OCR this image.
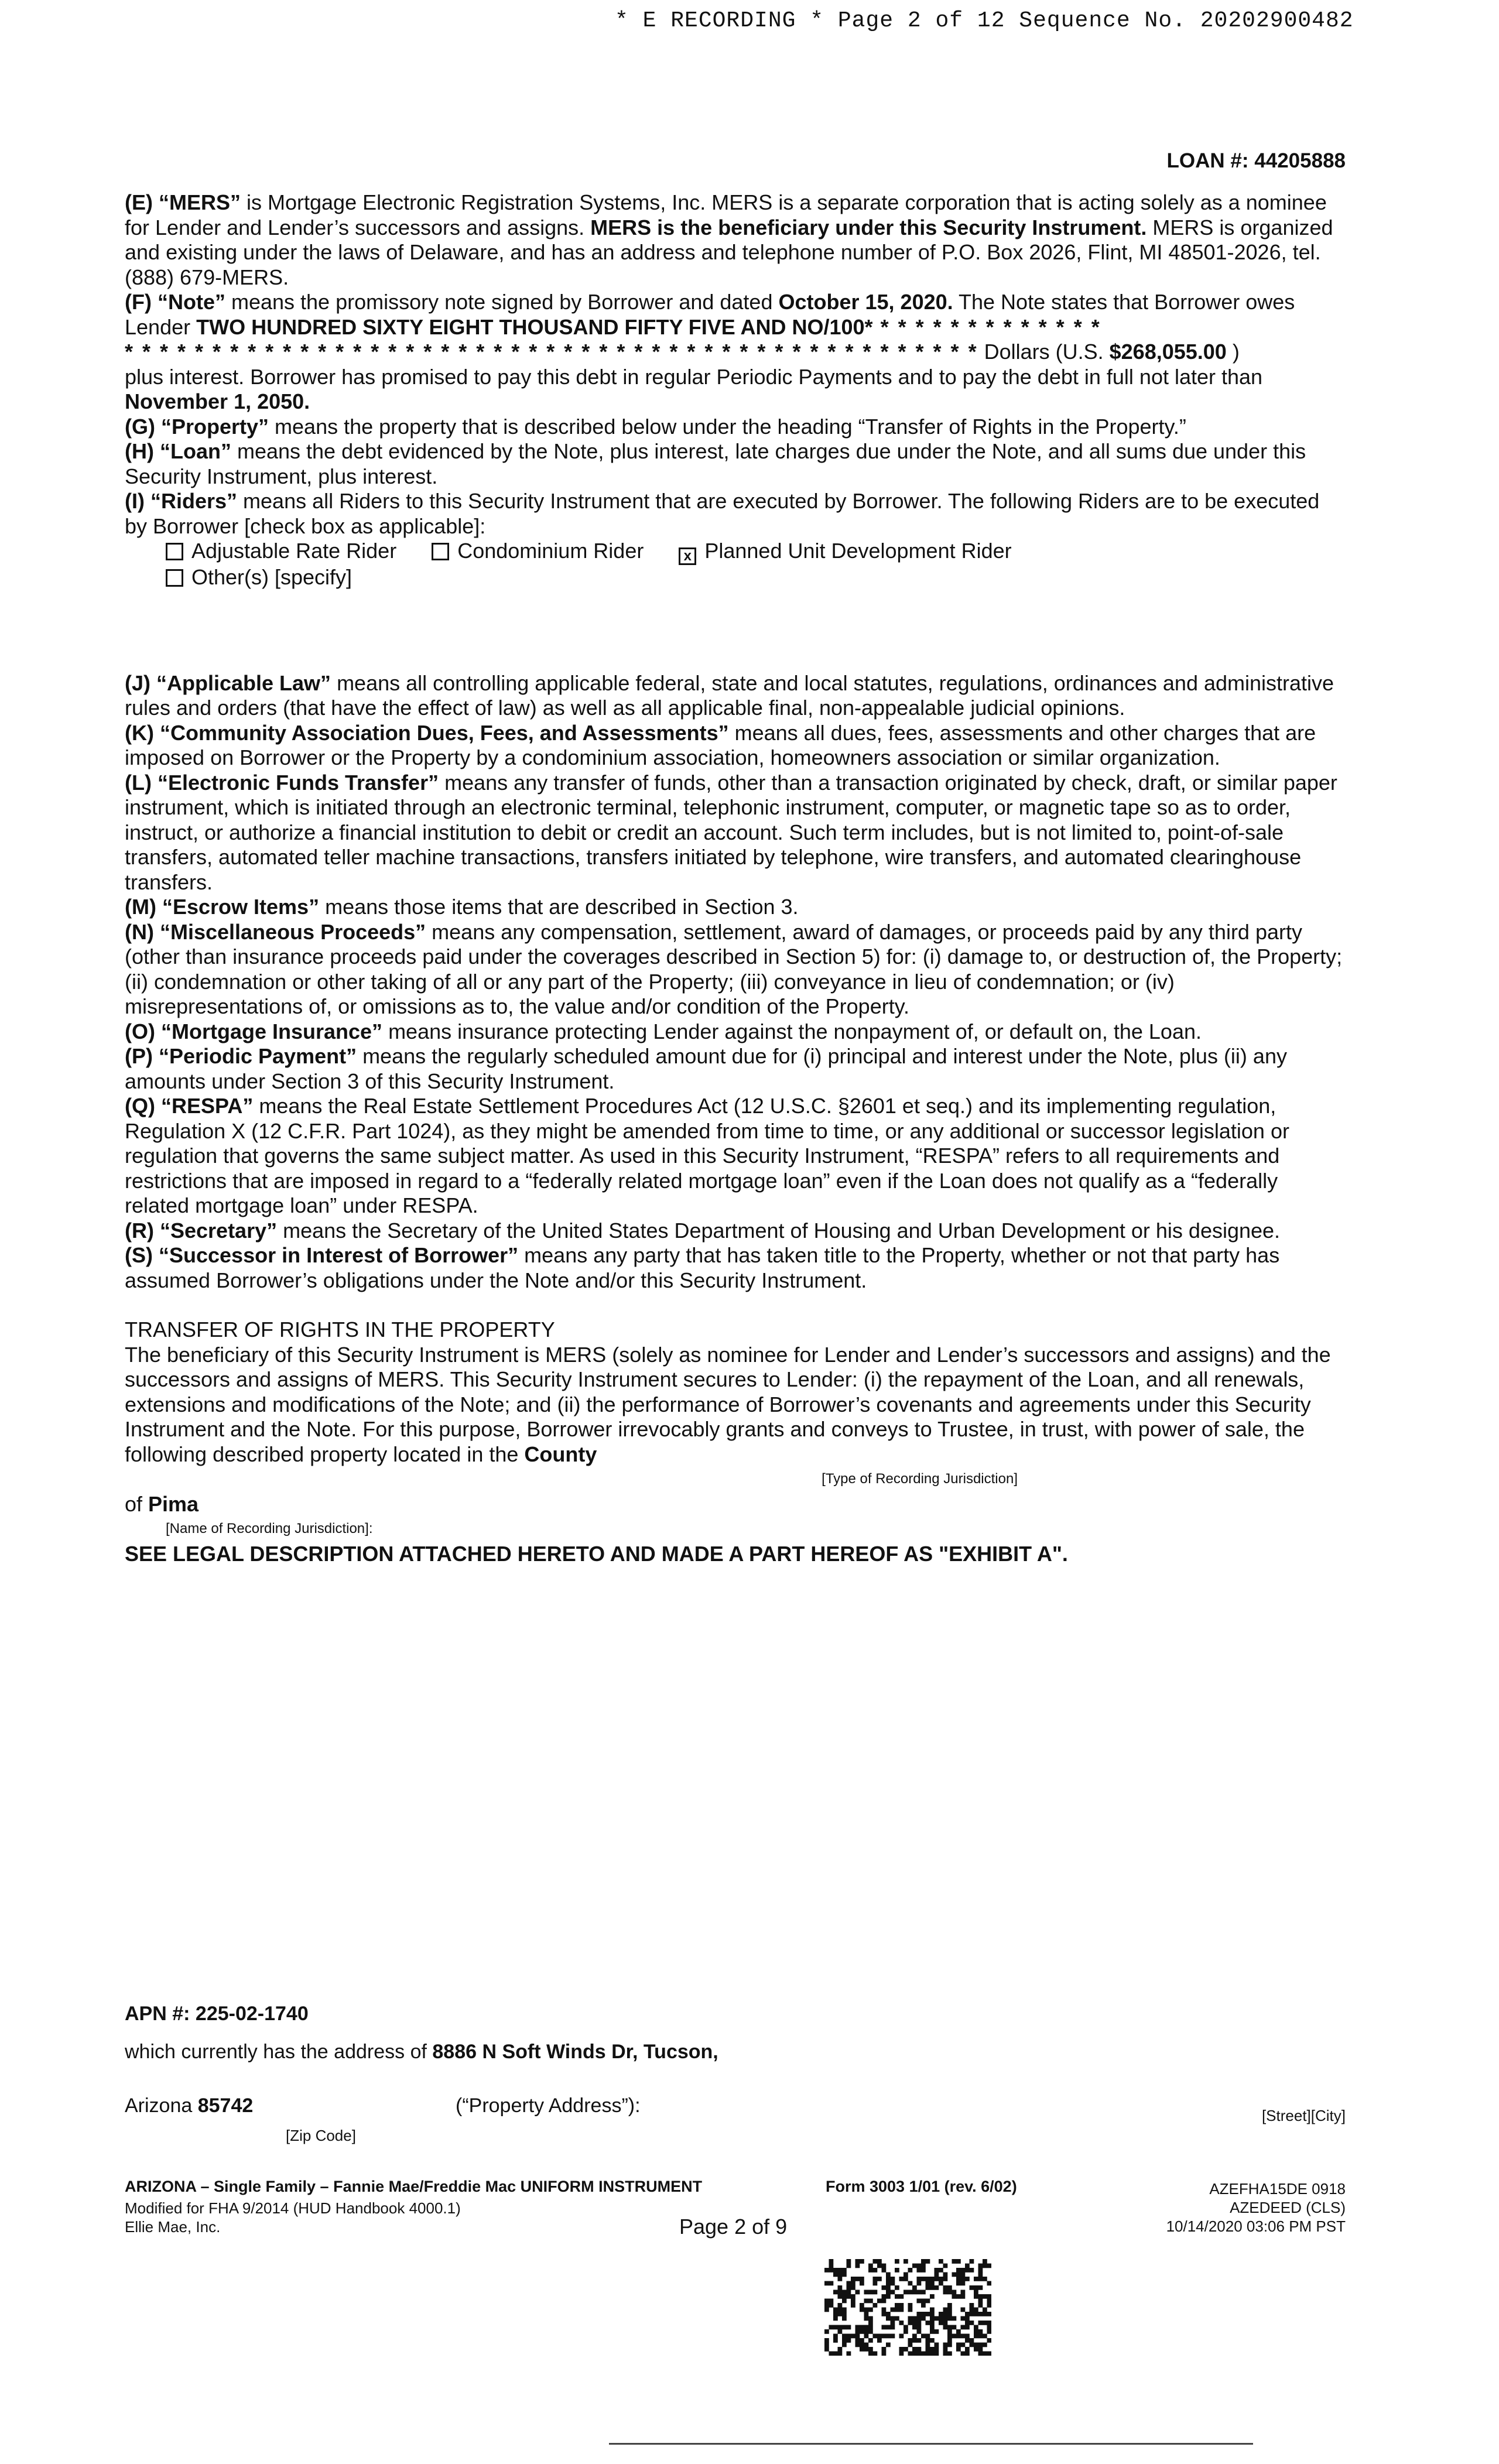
* E RECORDING * Page 2 of 12 Sequence No. 20202900482
LOAN #: 44205888

(E) “MERS” is Mortgage Electronic Registration Systems, Inc. MERS is a separate corporation that is acting solely as a nominee for Lender and Lender’s successors and assigns. MERS is the beneficiary under this Security Instrument. MERS is organized and existing under the laws of Delaware, and has an address and telephone number of P.O. Box 2026, Flint, MI 48501-2026, tel. (888) 679-MERS.

(F) “Note” means the promissory note signed by Borrower and dated October 15, 2020. The Note states that Borrower owes Lender TWO HUNDRED SIXTY EIGHT THOUSAND FIFTY FIVE AND NO/100* * * * * * * * * * * * * *

* * * * * * * * * * * * * * * * * * * * * * * * * * * * * * * * * * * * * * * * * * * * * * * * * Dollars (U.S. $268,055.00 )

plus interest. Borrower has promised to pay this debt in regular Periodic Payments and to pay the debt in full not later than November 1, 2050.

(G) “Property” means the property that is described below under the heading “Transfer of Rights in the Property.”

(H) “Loan” means the debt evidenced by the Note, plus interest, late charges due under the Note, and all sums due under this Security Instrument, plus interest.

(I) “Riders” means all Riders to this Security Instrument that are executed by Borrower. The following Riders are to be executed by Borrower [check box as applicable]:

Adjustable Rate Rider	Condominium Rider	x Planned Unit Development Rider

Other(s) [specify]

(J) “Applicable Law” means all controlling applicable federal, state and local statutes, regulations, ordinances and administrative rules and orders (that have the effect of law) as well as all applicable final, non-appealable judicial opinions.

(K) “Community Association Dues, Fees, and Assessments” means all dues, fees, assessments and other charges that are imposed on Borrower or the Property by a condominium association, homeowners association or similar organization.

(L) “Electronic Funds Transfer” means any transfer of funds, other than a transaction originated by check, draft, or similar paper instrument, which is initiated through an electronic terminal, telephonic instrument, computer, or magnetic tape so as to order, instruct, or authorize a financial institution to debit or credit an account. Such term includes, but is not limited to, point-of-sale transfers, automated teller machine transactions, transfers initiated by telephone, wire transfers, and automated clearinghouse transfers.

(M) “Escrow Items” means those items that are described in Section 3.

(N) “Miscellaneous Proceeds” means any compensation, settlement, award of damages, or proceeds paid by any third party (other than insurance proceeds paid under the coverages described in Section 5) for: (i) damage to, or destruction of, the Property; (ii) condemnation or other taking of all or any part of the Property; (iii) conveyance in lieu of condemnation; or (iv) misrepresentations of, or omissions as to, the value and/or condition of the Property.

(O) “Mortgage Insurance” means insurance protecting Lender against the nonpayment of, or default on, the Loan.

(P) “Periodic Payment” means the regularly scheduled amount due for (i) principal and interest under the Note, plus (ii) any amounts under Section 3 of this Security Instrument.

(Q) “RESPA” means the Real Estate Settlement Procedures Act (12 U.S.C. §2601 et seq.) and its implementing regulation, Regulation X (12 C.F.R. Part 1024), as they might be amended from time to time, or any additional or successor legislation or regulation that governs the same subject matter. As used in this Security Instrument, “RESPA” refers to all requirements and restrictions that are imposed in regard to a “federally related mortgage loan” even if the Loan does not qualify as a “federally related mortgage loan” under RESPA.

(R) “Secretary” means the Secretary of the United States Department of Housing and Urban Development or his designee.

(S) “Successor in Interest of Borrower” means any party that has taken title to the Property, whether or not that party has assumed Borrower’s obligations under the Note and/or this Security Instrument.

TRANSFER OF RIGHTS IN THE PROPERTY

The beneficiary of this Security Instrument is MERS (solely as nominee for Lender and Lender’s successors and assigns) and the successors and assigns of MERS. This Security Instrument secures to Lender: (i) the repayment of the Loan, and all renewals, extensions and modifications of the Note; and (ii) the performance of Borrower’s covenants and agreements under this Security Instrument and the Note. For this purpose, Borrower irrevocably grants and conveys to Trustee, in trust, with power of sale, the following described property located in the County

[Type of Recording Jurisdiction]

of Pima

[Name of Recording Jurisdiction]:

SEE LEGAL DESCRIPTION ATTACHED HERETO AND MADE A PART HEREOF AS "EXHIBIT A".

APN #: 225-02-1740
which currently has the address of 8886 N Soft Winds Dr, Tucson,
[Street][City]
Arizona 85742	(“Property Address”):
[Zip Code]
ARIZONA – Single Family – Fannie Mae/Freddie Mac UNIFORM INSTRUMENT	Form 3003 1/01 (rev. 6/02)
Modified for FHA 9/2014 (HUD Handbook 4000.1)
Ellie Mae, Inc.	Page 2 of 9
AZEFHA15DE 0918
AZEDEED (CLS)
10/14/2020 03:06 PM PST
